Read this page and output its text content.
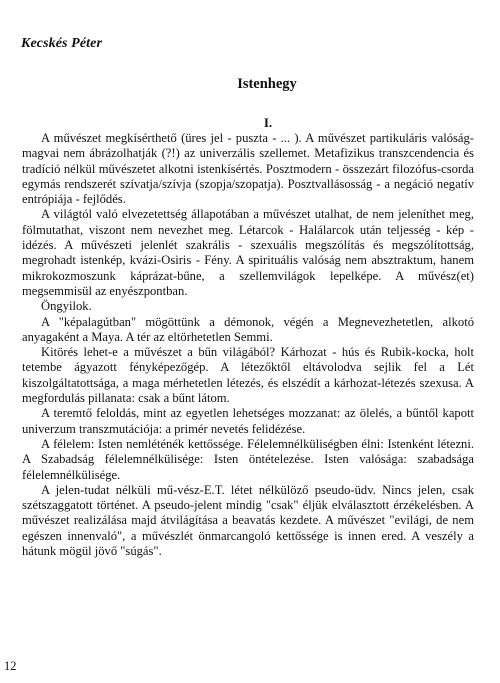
Kecskés Péter
Istenhegy
I.

A művészet megkísérthető (üres jel - puszta - ... ). A művészet partikuláris valóság-magvai nem ábrázolhatják (?!) az univerzális szellemet. Metafizikus transzcendencia és tradíció nélkül művészetet alkotni istenkísértés. Posztmodern - összezárt filozófus-csorda egymás rendszerét szívatja/szívja (szopja/szopatja). Posztvallásosság - a negáció negatív entrópiája - fejlődés.

A világtól való elvezetettség állapotában a művészet utalhat, de nem jeleníthet meg, fölmutathat, viszont nem nevezhet meg. Létarcok - Halálarcok után teljesség - kép - idézés. A művészeti jelenlét szakrális - szexuális megszólítás és megszólítottság, megrohadt istenkép, kvázi-Osiris - Fény. A spirituális valóság nem absztraktum, hanem mikrokozmoszunk káprázat-bűne, a szellemvilágok lepelképe. A művész(et) megsemmisül az enyészpontban.

Öngyilok.

A "képalagútban" mögöttünk a démonok, végén a Megnevezhetetlen, alkotó anyagaként a Maya. A tér az eltörhetetlen Semmi.

Kitörés lehet-e a művészet a bűn világából? Kárhozat - hús és Rubik-kocka, holt tetembe ágyazott fényképezőgép. A létezőktől eltávolodva sejlik fel a Lét kiszolgáltatottsága, a maga mérhetetlen létezés, és elszédít a kárhozat-létezés szexusa. A megfordulás pillanata: csak a bűnt látom.

A teremtő feloldás, mint az egyetlen lehetséges mozzanat: az ölelés, a bűntől kapott univerzum transzmutációja: a primér nevetés felidézése.

A félelem: Isten nemléténék kettőssége. Félelemnélküliségben élni: Istenként létezni. A Szabadság félelemnélkülisége: Isten öntételezése. Isten valósága: szabadsága félelemnélkülisége.

A jelen-tudat nélküli mű-vész-E.T. létet nélkülöző pseudo-üdv. Nincs jelen, csak szétszaggatott történet. A pseudo-jelent mindig "csak" éljük elválasztott érzékelésben. A művészet realizálása majd átvilágítása a beavatás kezdete. A művészet "evilági, de nem egészen innenvaló", a művészlét önmarcangoló kettőssége is innen ered. A veszély a hátunk mögül jövő "súgás".

12
